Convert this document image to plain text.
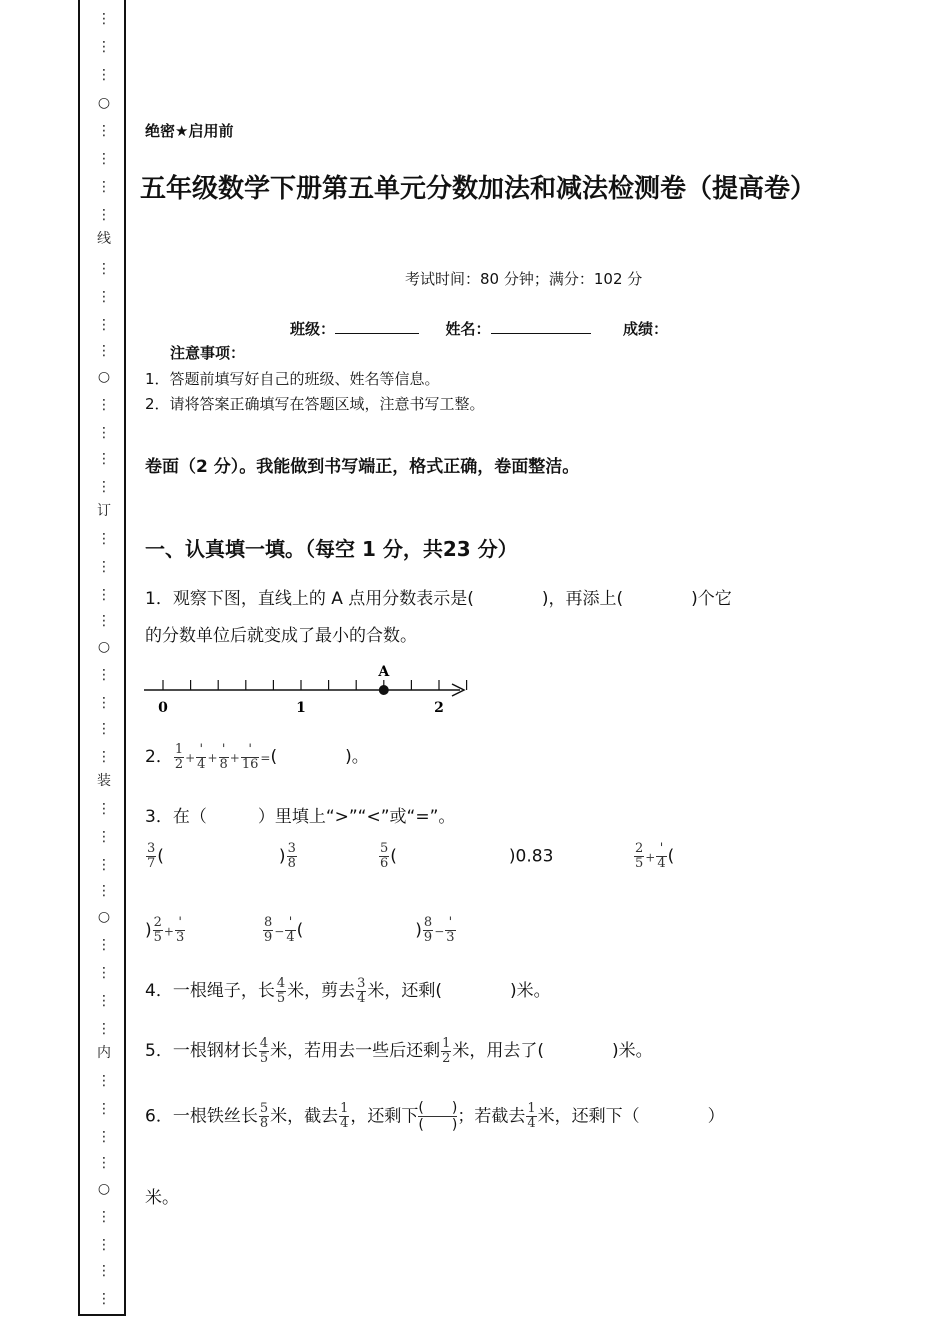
⋮
⋮
⋮
○
⋮
⋮
⋮
⋮
线
⋮
⋮
⋮
⋮
○
⋮
⋮
⋮
⋮
订
⋮
⋮
⋮
⋮
○
⋮
⋮
⋮
⋮
装
⋮
⋮
⋮
⋮
○
⋮
⋮
⋮
⋮
内
⋮
⋮
⋮
⋮
○
⋮
⋮
⋮
⋮
绝密★启用前
五年级数学下册第五单元分数加法和减法检测卷（提高卷）
考试时间：80 分钟；满分：102 分
班级：	姓名：	成绩：
注意事项：
1．答题前填写好自己的班级、姓名等信息。
2．请将答案正确填写在答题区域，注意书写工整。
卷面（2 分）。我能做到书写端正，格式正确，卷面整洁。
一、认真填一填。（每空 1 分，共23 分）
1．观察下图，直线上的 A 点用分数表示是(　　　　)，再添上(　　　　)个它
的分数单位后就变成了最小的合数。
0	1	2
A
2． $\frac{1}{2} + \frac{'}{4} + \frac{'}{8} + \frac{'}{16}$ =(　　　　)。
3．在（　　　）里填上“>”“<”或“=”。
$\frac{3}{7}$ (	) $\frac{3}{8}$	$\frac{5}{6}$ (	)0.83	$\frac{2}{5} + \frac{'}{4}$ (
) $\frac{2}{5} + \frac{'}{3}$	$\frac{8}{9} - \frac{'}{4}$ (	) $\frac{8}{9} - \frac{'}{3}$
4．一根绳子，长 $\frac{4}{5}$ 米，剪去 $\frac{3}{4}$ 米，还剩(　　　　)米。
5．一根钢材长 $\frac{4}{5}$ 米，若用去一些后还剩 $\frac{1}{2}$ 米，用去了(　　　　)米。
6．一根铁丝长 $\frac{5}{8}$ 米，截去 $\frac{1}{4}$ ，还剩下 (　　)
(　　) ；若截去 $\frac{1}{4}$ 米，还剩下（　　　　）
米。
